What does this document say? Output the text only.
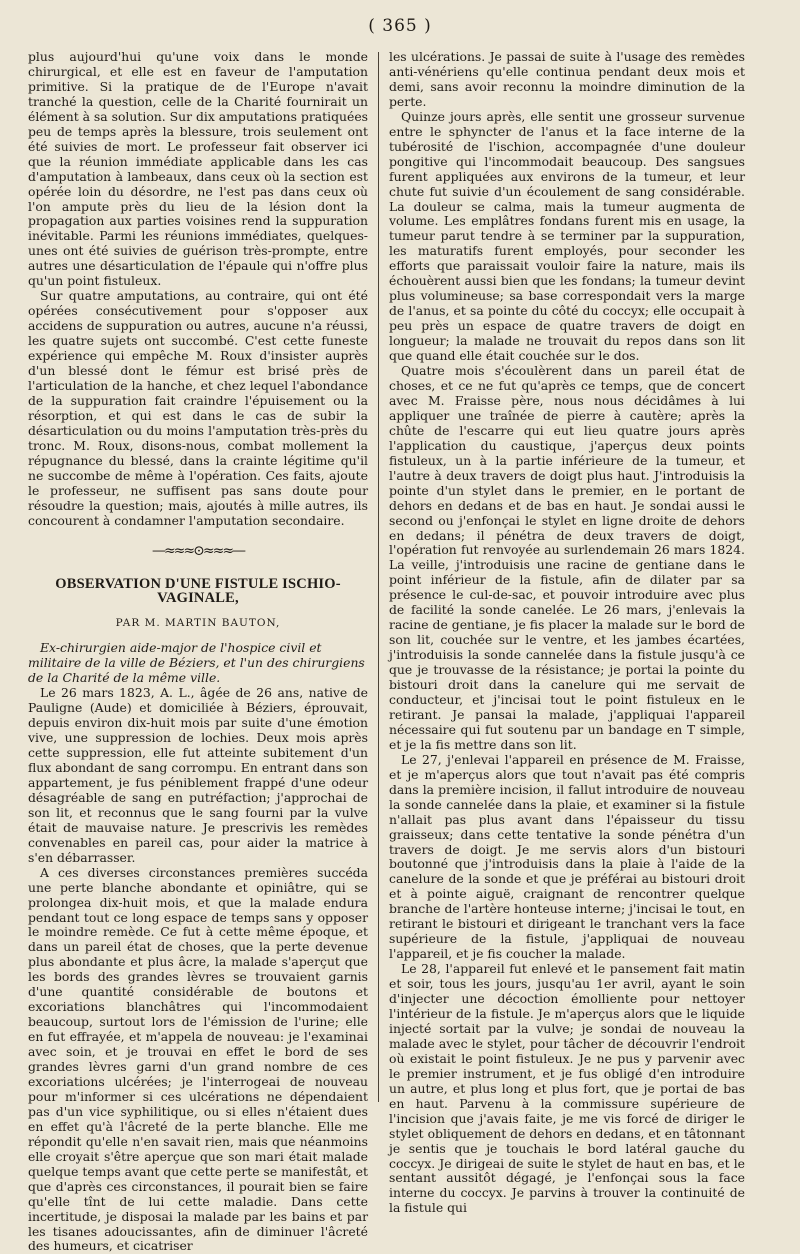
( 365 )

plus aujourd'hui qu'une voix dans le monde chirurgical, et elle est en faveur de l'amputation primitive. Si la pratique de de l'Europe n'avait tranché la question, celle de la Charité fournirait un élément à sa solution. Sur dix amputations pratiquées peu de temps après la blessure, trois seulement ont été suivies de mort. Le professeur fait observer ici que la réunion immédiate applicable dans les cas d'amputation à lambeaux, dans ceux où la section est opérée loin du désordre, ne l'est pas dans ceux où l'on ampute près du lieu de la lésion dont la propagation aux parties voisines rend la suppuration inévitable. Parmi les réunions immédiates, quelques-unes ont été suivies de guérison très-prompte, entre autres une désarticulation de l'épaule qui n'offre plus qu'un point fistuleux.

Sur quatre amputations, au contraire, qui ont été opérées consécutivement pour s'opposer aux accidens de suppuration ou autres, aucune n'a réussi, les quatre sujets ont succombé. C'est cette funeste expérience qui empêche M. Roux d'insister auprès d'un blessé dont le fémur est brisé près de l'articulation de la hanche, et chez lequel l'abondance de la suppuration fait craindre l'épuisement ou la résorption, et qui est dans le cas de subir la désarticulation ou du moins l'amputation très-près du tronc. M. Roux, disons-nous, combat mollement la répugnance du blessé, dans la crainte légitime qu'il ne succombe de même à l'opération. Ces faits, ajoute le professeur, ne suffisent pas sans doute pour résoudre la question; mais, ajoutés à mille autres, ils concourent à condamner l'amputation secondaire.

—≈≈≈⊙≈≈≈—
OBSERVATION D'UNE FISTULE ISCHIO-VAGINALE,
PAR M. MARTIN BAUTON,

Ex-chirurgien aide-major de l'hospice civil et militaire de la ville de Béziers, et l'un des chirurgiens de la Charité de la même ville.

Le 26 mars 1823, A. L., âgée de 26 ans, native de Pauligne (Aude) et domiciliée à Béziers, éprouvait, depuis environ dix-huit mois par suite d'une émotion vive, une suppression de lochies. Deux mois après cette suppression, elle fut atteinte subitement d'un flux abondant de sang corrompu. En entrant dans son appartement, je fus péniblement frappé d'une odeur désagréable de sang en putréfaction; j'approchai de son lit, et reconnus que le sang fourni par la vulve était de mauvaise nature. Je prescrivis les remèdes convenables en pareil cas, pour aider la matrice à s'en débarrasser.

A ces diverses circonstances premières succéda une perte blanche abondante et opiniâtre, qui se prolongea dix-huit mois, et que la malade endura pendant tout ce long espace de temps sans y opposer le moindre remède. Ce fut à cette même époque, et dans un pareil état de choses, que la perte devenue plus abondante et plus âcre, la malade s'aperçut que les bords des grandes lèvres se trouvaient garnis d'une quantité considérable de boutons et excoriations blanchâtres qui l'incommodaient beaucoup, surtout lors de l'émission de l'urine; elle en fut effrayée, et m'appela de nouveau: je l'examinai avec soin, et je trouvai en effet le bord de ses grandes lèvres garni d'un grand nombre de ces excoriations ulcérées; je l'interrogeai de nouveau pour m'informer si ces ulcérations ne dépendaient pas d'un vice syphilitique, ou si elles n'étaient dues en effet qu'à l'âcreté de la perte blanche. Elle me répondit qu'elle n'en savait rien, mais que néanmoins elle croyait s'être aperçue que son mari était malade quelque temps avant que cette perte se manifestât, et que d'après ces circonstances, il pourait bien se faire qu'elle tînt de lui cette maladie. Dans cette incertitude, je disposai la malade par les bains et par les tisanes adoucissantes, afin de diminuer l'âcreté des humeurs, et cicatriser

les ulcérations. Je passai de suite à l'usage des remèdes anti-vénériens qu'elle continua pendant deux mois et demi, sans avoir reconnu la moindre diminution de la perte.

Quinze jours après, elle sentit une grosseur survenue entre le sphyncter de l'anus et la face interne de la tubérosité de l'ischion, accompagnée d'une douleur pongitive qui l'incommodait beaucoup. Des sangsues furent appliquées aux environs de la tumeur, et leur chute fut suivie d'un écoulement de sang considérable. La douleur se calma, mais la tumeur augmenta de volume. Les emplâtres fondans furent mis en usage, la tumeur parut tendre à se terminer par la suppuration, les maturatifs furent employés, pour seconder les efforts que paraissait vouloir faire la nature, mais ils échouèrent aussi bien que les fondans; la tumeur devint plus volumineuse; sa base correspondait vers la marge de l'anus, et sa pointe du côté du coccyx; elle occupait à peu près un espace de quatre travers de doigt en longueur; la malade ne trouvait du repos dans son lit que quand elle était couchée sur le dos.

Quatre mois s'écoulèrent dans un pareil état de choses, et ce ne fut qu'après ce temps, que de concert avec M. Fraisse père, nous nous décidâmes à lui appliquer une traînée de pierre à cautère; après la chûte de l'escarre qui eut lieu quatre jours après l'application du caustique, j'aperçus deux points fistuleux, un à la partie inférieure de la tumeur, et l'autre à deux travers de doigt plus haut. J'introduisis la pointe d'un stylet dans le premier, en le portant de dehors en dedans et de bas en haut. Je sondai aussi le second ou j'enfonçai le stylet en ligne droite de dehors en dedans; il pénétra de deux travers de doigt, l'opération fut renvoyée au surlendemain 26 mars 1824. La veille, j'introduisis une racine de gentiane dans le point inférieur de la fistule, afin de dilater par sa présence le cul-de-sac, et pouvoir introduire avec plus de facilité la sonde canelée. Le 26 mars, j'enlevais la racine de gentiane, je fis placer la malade sur le bord de son lit, couchée sur le ventre, et les jambes écartées, j'introduisis la sonde cannelée dans la fistule jusqu'à ce que je trouvasse de la résistance; je portai la pointe du bistouri droit dans la canelure qui me servait de conducteur, et j'incisai tout le point fistuleux en le retirant. Je pansai la malade, j'appliquai l'appareil nécessaire qui fut soutenu par un bandage en T simple, et je la fis mettre dans son lit.

Le 27, j'enlevai l'appareil en présence de M. Fraisse, et je m'aperçus alors que tout n'avait pas été compris dans la première incision, il fallut introduire de nouveau la sonde cannelée dans la plaie, et examiner si la fistule n'allait pas plus avant dans l'épaisseur du tissu graisseux; dans cette tentative la sonde pénétra d'un travers de doigt. Je me servis alors d'un bistouri boutonné que j'introduisis dans la plaie à l'aide de la canelure de la sonde et que je préférai au bistouri droit et à pointe aiguë, craignant de rencontrer quelque branche de l'artère honteuse interne; j'incisai le tout, en retirant le bistouri et dirigeant le tranchant vers la face supérieure de la fistule, j'appliquai de nouveau l'appareil, et je fis coucher la malade.

Le 28, l'appareil fut enlevé et le pansement fait matin et soir, tous les jours, jusqu'au 1er avril, ayant le soin d'injecter une décoction émolliente pour nettoyer l'intérieur de la fistule. Je m'aperçus alors que le liquide injecté sortait par la vulve; je sondai de nouveau la malade avec le stylet, pour tâcher de découvrir l'endroit où existait le point fistuleux. Je ne pus y parvenir avec le premier instrument, et je fus obligé d'en introduire un autre, et plus long et plus fort, que je portai de bas en haut. Parvenu à la commissure supérieure de l'incision que j'avais faite, je me vis forcé de diriger le stylet obliquement de dehors en dedans, et en tâtonnant je sentis que je touchais le bord latéral gauche du coccyx. Je dirigeai de suite le stylet de haut en bas, et le sentant aussitôt dégagé, je l'enfonçai sous la face interne du coccyx. Je parvins à trouver la continuité de la fistule qui
